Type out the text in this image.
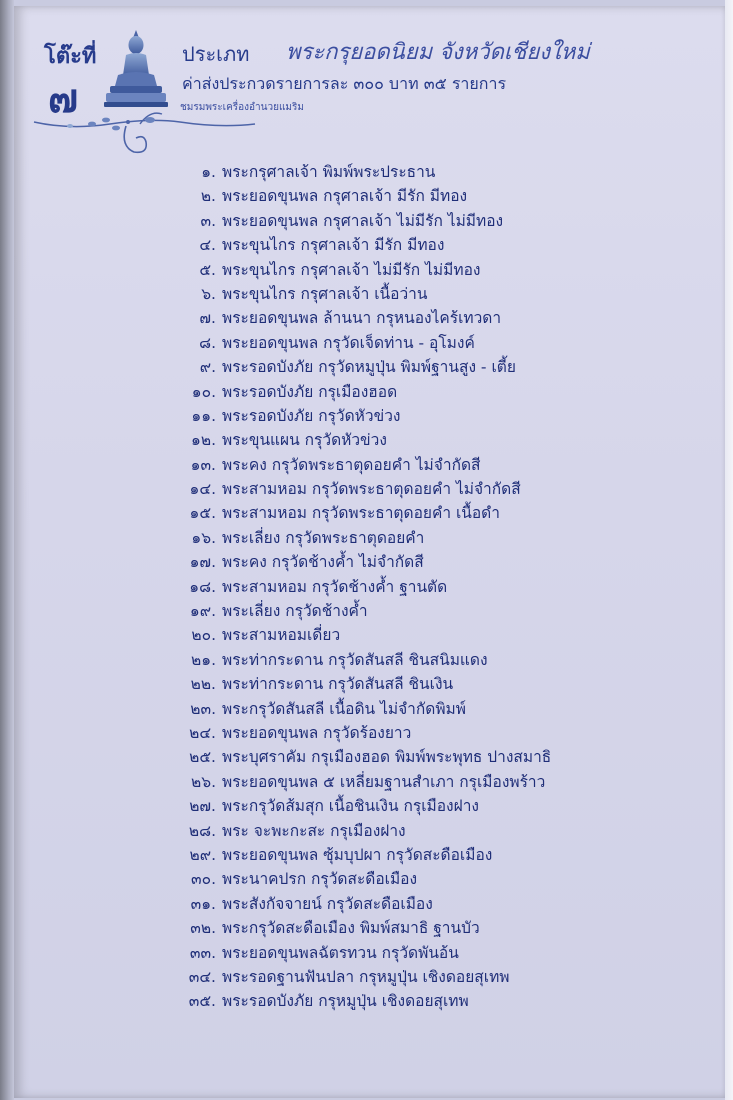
โต๊ะที่
๗
ประเภท พระกรุยอดนิยม จังหวัดเชียงใหม่
ค่าส่งประกวดรายการละ ๓๐๐ บาท ๓๕ รายการ
ชมรมพระเครื่องอำนวยแมริม
๑. พระกรุศาลเจ้า พิมพ์พระประธาน
๒. พระยอดขุนพล กรุศาลเจ้า มีรัก มีทอง
๓. พระยอดขุนพล กรุศาลเจ้า ไม่มีรัก ไม่มีทอง
๔. พระขุนไกร กรุศาลเจ้า มีรัก มีทอง
๕. พระขุนไกร กรุศาลเจ้า ไม่มีรัก ไม่มีทอง
๖. พระขุนไกร กรุศาลเจ้า เนื้อว่าน
๗. พระยอดขุนพล ล้านนา กรุหนองไคร้เทวดา
๘. พระยอดขุนพล กรุวัดเจ็ดท่าน - อุโมงค์
๙. พระรอดบังภัย กรุวัดหมูปุ่น พิมพ์ฐานสูง - เตี้ย
๑๐. พระรอดบังภัย กรุเมืองฮอด
๑๑. พระรอดบังภัย กรุวัดหัวข่วง
๑๒. พระขุนแผน กรุวัดหัวข่วง
๑๓. พระคง กรุวัดพระธาตุดอยคำ ไม่จำกัดสี
๑๔. พระสามหอม กรุวัดพระธาตุดอยคำ ไม่จำกัดสี
๑๕. พระสามหอม กรุวัดพระธาตุดอยคำ เนื้อดำ
๑๖. พระเลี่ยง กรุวัดพระธาตุดอยคำ
๑๗. พระคง กรุวัดช้างค้ำ ไม่จำกัดสี
๑๘. พระสามหอม กรุวัดช้างค้ำ ฐานตัด
๑๙. พระเลี่ยง กรุวัดช้างค้ำ
๒๐. พระสามหอมเดี่ยว
๒๑. พระท่ากระดาน กรุวัดสันสลี ชินสนิมแดง
๒๒. พระท่ากระดาน กรุวัดสันสลี ชินเงิน
๒๓. พระกรุวัดสันสลี เนื้อดิน ไม่จำกัดพิมพ์
๒๔. พระยอดขุนพล กรุวัดร้องยาว
๒๕. พระบุศราคัม กรุเมืองฮอด พิมพ์พระพุทธ ปางสมาธิ
๒๖. พระยอดขุนพล ๕ เหลี่ยมฐานสำเภา กรุเมืองพร้าว
๒๗. พระกรุวัดส้มสุก เนื้อชินเงิน กรุเมืองฝาง
๒๘. พระ จะพะกะสะ กรุเมืองฝาง
๒๙. พระยอดขุนพล ซุ้มบุปผา กรุวัดสะดือเมือง
๓๐. พระนาคปรก กรุวัดสะดือเมือง
๓๑. พระสังกัจจายน์ กรุวัดสะดือเมือง
๓๒. พระกรุวัดสะดือเมือง พิมพ์สมาธิ ฐานบัว
๓๓. พระยอดขุนพลฉัตรทวน กรุวัดพันอ้น
๓๔. พระรอดฐานฟันปลา กรุหมูปุ่น เชิงดอยสุเทพ
๓๕. พระรอดบังภัย กรุหมูปุ่น เชิงดอยสุเทพ
